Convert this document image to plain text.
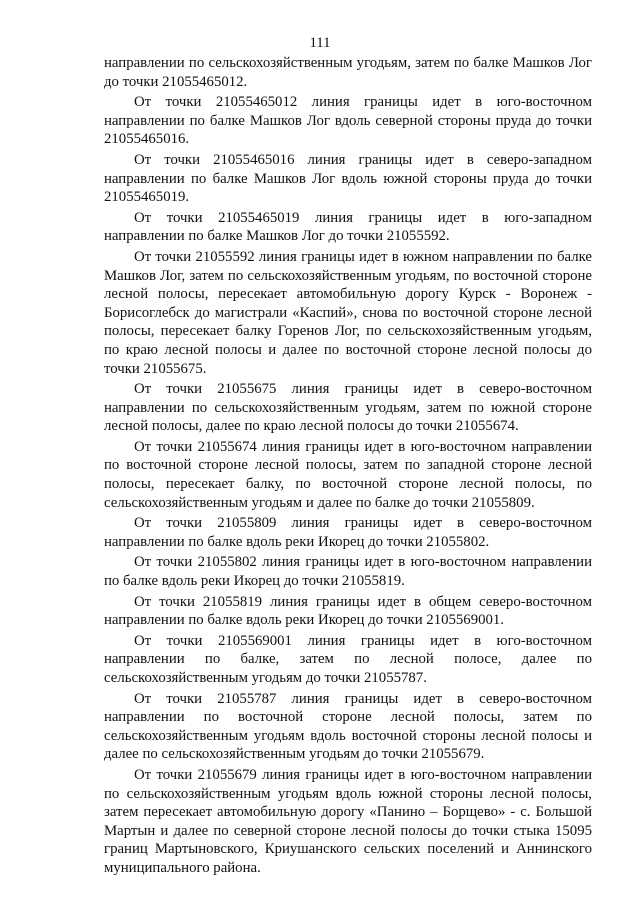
111

направлении по сельскохозяйственным угодьям, затем по балке Машков Лог до точки 21055465012.

От точки 21055465012 линия границы идет в юго-восточном направлении по балке Машков Лог вдоль северной стороны пруда до точки 21055465016.

От точки 21055465016 линия границы идет в северо-западном направлении по балке Машков Лог вдоль южной стороны пруда до точки 21055465019.

От точки 21055465019 линия границы идет в юго-западном направлении по балке Машков Лог до точки 21055592.

От точки 21055592 линия границы идет в южном направлении по балке Машков Лог, затем по сельскохозяйственным угодьям, по восточной стороне лесной полосы, пересекает автомобильную дорогу Курск - Воронеж - Борисоглебск до магистрали «Каспий», снова по восточной стороне лесной полосы, пересекает балку Горенов Лог, по сельскохозяйственным угодьям, по краю лесной полосы и далее по восточной стороне лесной полосы до точки 21055675.

От точки 21055675 линия границы идет в северо-восточном направлении по сельскохозяйственным угодьям, затем по южной стороне лесной полосы, далее по краю лесной полосы до точки 21055674.

От точки 21055674 линия границы идет в юго-восточном направлении по восточной стороне лесной полосы, затем по западной стороне лесной полосы, пересекает балку, по восточной стороне лесной полосы, по сельскохозяйственным угодьям и далее по балке до точки 21055809.

От точки 21055809 линия границы идет в северо-восточном направлении по балке вдоль реки Икорец до точки 21055802.

От точки 21055802 линия границы идет в юго-восточном направлении по балке вдоль реки Икорец до точки 21055819.

От точки 21055819 линия границы идет в общем северо-восточном направлении по балке вдоль реки Икорец до точки 2105569001.

От точки 2105569001 линия границы идет в юго-восточном направлении по балке, затем по лесной полосе, далее по сельскохозяйственным угодьям до точки 21055787.

От точки 21055787 линия границы идет в северо-восточном направлении по восточной стороне лесной полосы, затем по сельскохозяйственным угодьям вдоль восточной стороны лесной полосы и далее по сельскохозяйственным угодьям до точки 21055679.

От точки 21055679 линия границы идет в юго-восточном направлении по сельскохозяйственным угодьям вдоль южной стороны лесной полосы, затем пересекает автомобильную дорогу «Панино – Борщево» - с. Большой Мартын и далее по северной стороне лесной полосы до точки стыка 15095 границ Мартыновского, Криушанского сельских поселений и Аннинского муниципального района.
